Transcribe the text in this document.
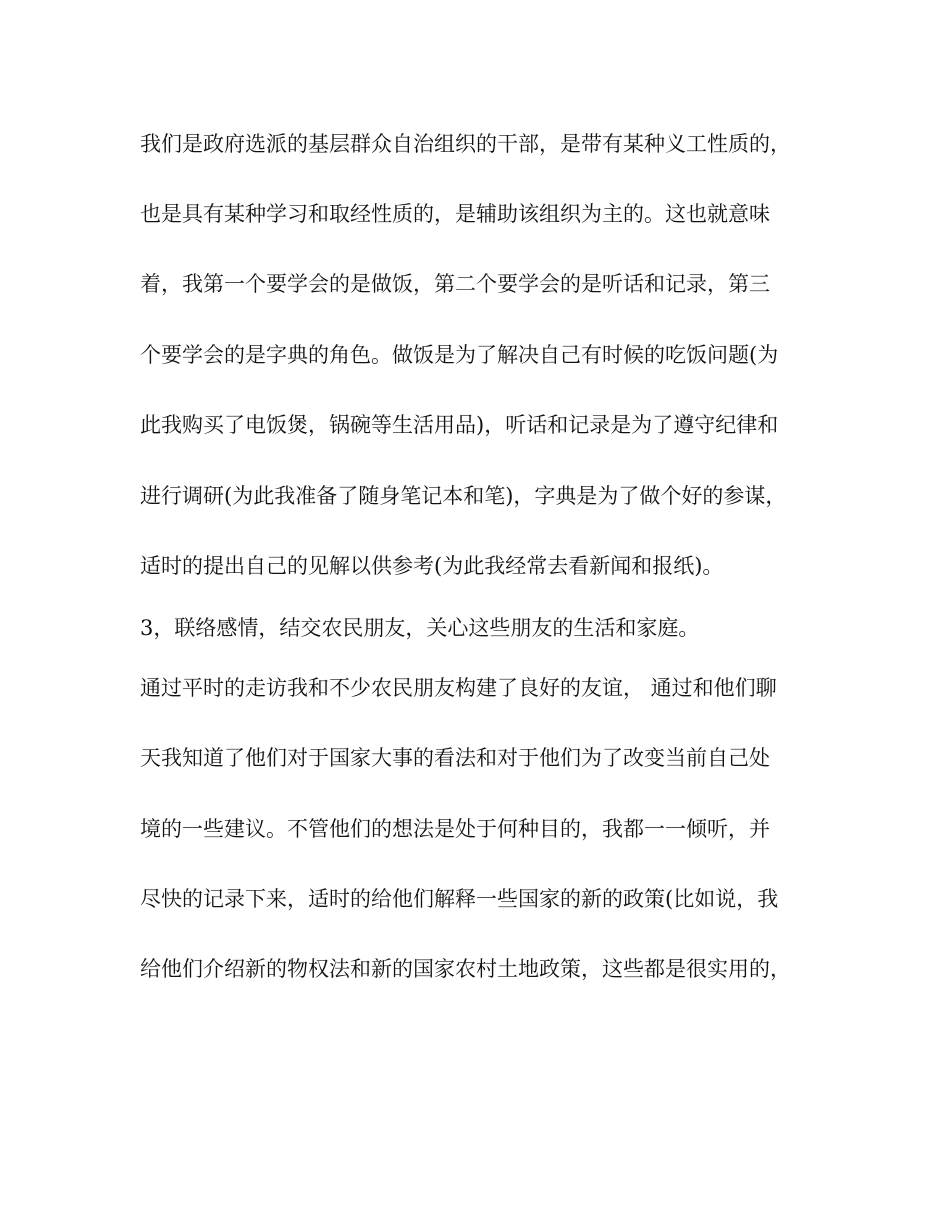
我们是政府选派的基层群众自治组织的干部，是带有某种义工性质的，
也是具有某种学习和取经性质的，是辅助该组织为主的。这也就意味
着，我第一个要学会的是做饭，第二个要学会的是听话和记录，第三
个要学会的是字典的角色。做饭是为了解决自己有时候的吃饭问题(为
此我购买了电饭煲，锅碗等生活用品)，听话和记录是为了遵守纪律和
进行调研(为此我准备了随身笔记本和笔)，字典是为了做个好的参谋，
适时的提出自己的见解以供参考(为此我经常去看新闻和报纸)。
3，联络感情，结交农民朋友，关心这些朋友的生活和家庭。
通过平时的走访我和不少农民朋友构建了良好的友谊， 通过和他们聊
天我知道了他们对于国家大事的看法和对于他们为了改变当前自己处
境的一些建议。不管他们的想法是处于何种目的，我都一一倾听，并
尽快的记录下来，适时的给他们解释一些国家的新的政策(比如说，我
给他们介绍新的物权法和新的国家农村土地政策，这些都是很实用的，
